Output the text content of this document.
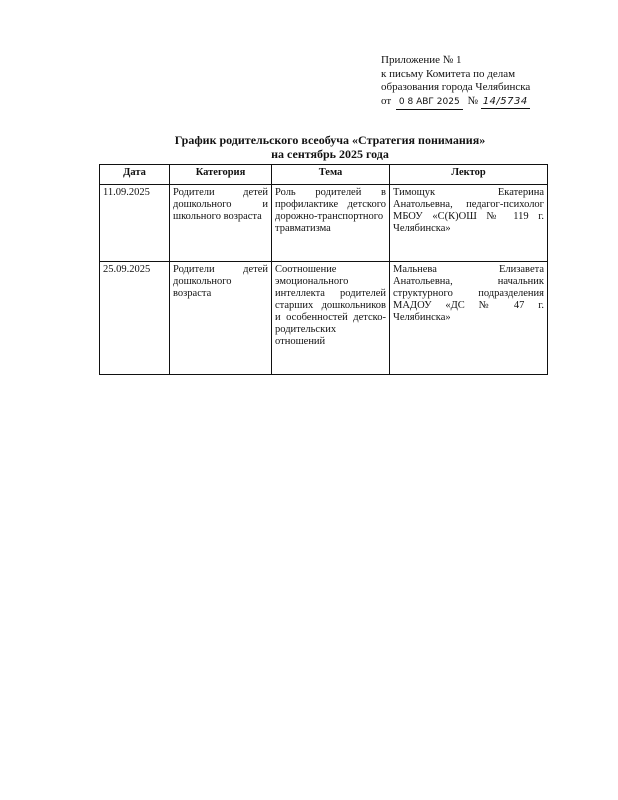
Приложение № 1
к письму Комитета по делам
образования города Челябинска
от 0 8 АВГ 2025 № 14/5734
График родительского всеобуча «Стратегия понимания»
на сентябрь 2025 года
Дата	Категория	Тема	Лектор
11.09.2025	Родители детей дошкольного и школьного возраста	Роль родителей в профилактике детского дорожно-транспортного травматизма	Тимощук Екатерина Анатольевна, педагог-психолог МБОУ «С(К)ОШ № 119 г. Челябинска»
25.09.2025	Родители детей дошкольного возраста	Соотношение эмоционального интеллекта родителей старших дошкольников и особенностей детско-родительских отношений	Мальнева Елизавета Анатольевна, начальник структурного подразделения МАДОУ «ДС № 47 г. Челябинска»
